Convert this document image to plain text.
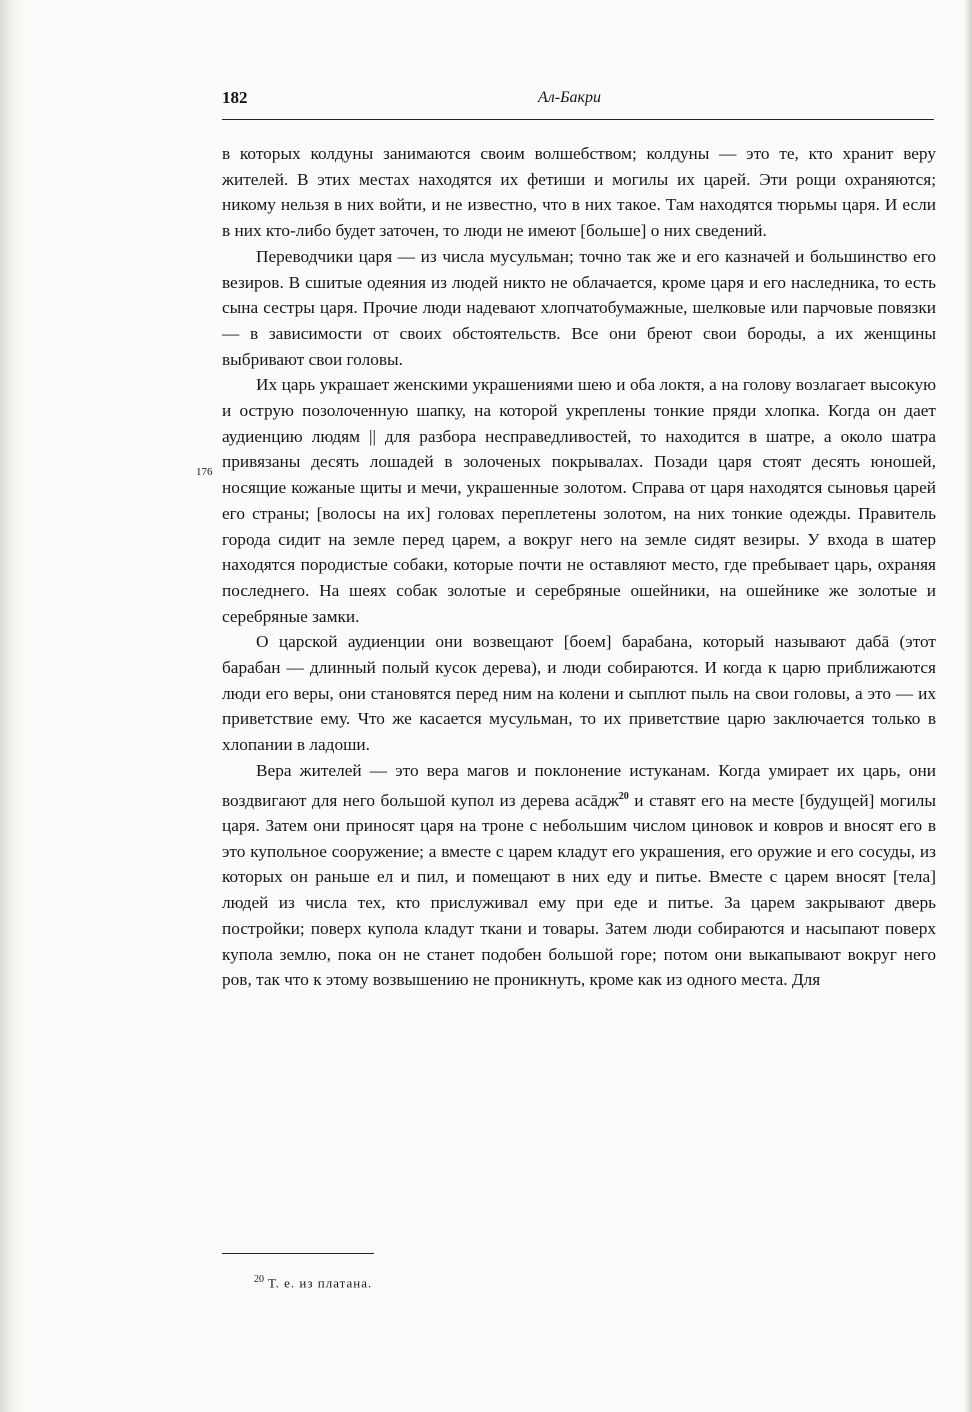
182	Ал-Бакри
176

в которых колдуны занимаются своим волшебством; колдуны — это те, кто хранит веру жителей. В этих местах находятся их фетиши и могилы их царей. Эти рощи охраняются; никому нельзя в них войти, и не известно, что в них такое. Там находятся тюрьмы царя. И если в них кто-либо будет заточен, то люди не имеют [больше] о них сведений.

Переводчики царя — из числа мусульман; точно так же и его казначей и большинство его везиров. В сшитые одеяния из людей никто не облачается, кроме царя и его наследника, то есть сына сестры царя. Прочие люди надевают хлопчатобумажные, шелковые или парчовые повязки — в зависимости от своих обстоятельств. Все они бреют свои бороды, а их женщины выбривают свои головы.

Их царь украшает женскими украшениями шею и оба локтя, а на голову возлагает высокую и острую позолоченную шапку, на которой укреплены тонкие пряди хлопка. Когда он дает аудиенцию людям || для разбора несправедливостей, то находится в шатре, а около шатра привязаны десять лошадей в золоченых покрывалах. Позади царя стоят десять юношей, носящие кожаные щиты и мечи, украшенные золотом. Справа от царя находятся сыновья царей его страны; [волосы на их] головах переплетены золотом, на них тонкие одежды. Правитель города сидит на земле перед царем, а вокруг него на земле сидят везиры. У входа в шатер находятся породистые собаки, которые почти не оставляют место, где пребывает царь, охраняя последнего. На шеях собак золотые и серебряные ошейники, на ошейнике же золотые и серебряные замки.

О царской аудиенции они возвещают [боем] барабана, который называют дабā (этот барабан — длинный полый кусок дерева), и люди собираются. И когда к царю приближаются люди его веры, они становятся перед ним на колени и сыплют пыль на свои головы, а это — их приветствие ему. Что же касается мусульман, то их приветствие царю заключается только в хлопании в ладоши.

Вера жителей — это вера магов и поклонение истуканам. Когда умирает их царь, они воздвигают для него большой купол из дерева асāдж$^{20}$ и ставят его на месте [будущей] могилы царя. Затем они приносят царя на троне с небольшим числом циновок и ковров и вносят его в это купольное сооружение; а вместе с царем кладут его украшения, его оружие и его сосуды, из которых он раньше ел и пил, и помещают в них еду и питье. Вместе с царем вносят [тела] людей из числа тех, кто прислуживал ему при еде и питье. За царем закрывают дверь постройки; поверх купола кладут ткани и товары. Затем люди собираются и насыпают поверх купола землю, пока он не станет подобен большой горе; потом они выкапывают вокруг него ров, так что к этому возвышению не проникнуть, кроме как из одного места. Для

$^{20}$ Т. е. из платана.
